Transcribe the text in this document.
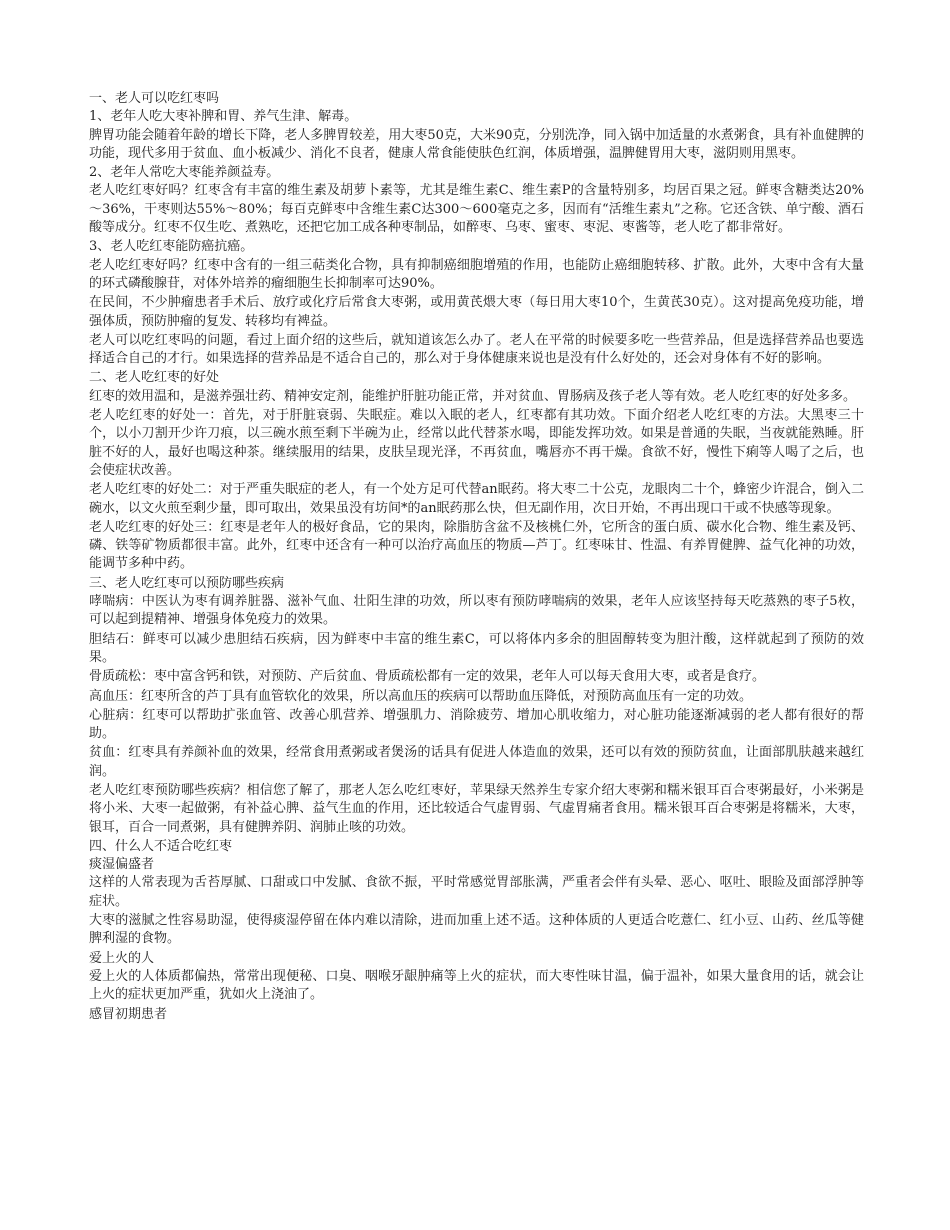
一、老人可以吃红枣吗

1、老年人吃大枣补脾和胃、养气生津、解毒。

脾胃功能会随着年龄的增长下降，老人多脾胃较差，用大枣50克，大米90克，分别洗净，同入锅中加适量的水煮粥食，具有补血健脾的功能，现代多用于贫血、血小板减少、消化不良者，健康人常食能使肤色红润，体质增强，温脾健胃用大枣，滋阴则用黑枣。

2、老年人常吃大枣能养颜益寿。

老人吃红枣好吗？红枣含有丰富的维生素及胡萝卜素等，尤其是维生素C、维生素P的含量特别多，均居百果之冠。鲜枣含糖类达20%～36%，干枣则达55%～80%；每百克鲜枣中含维生素C达300～600毫克之多，因而有“活维生素丸”之称。它还含铁、单宁酸、酒石酸等成分。红枣不仅生吃、煮熟吃，还把它加工成各种枣制品，如醉枣、乌枣、蜜枣、枣泥、枣酱等，老人吃了都非常好。

3、老人吃红枣能防癌抗癌。

老人吃红枣好吗？红枣中含有的一组三萜类化合物，具有抑制癌细胞增殖的作用，也能防止癌细胞转移、扩散。此外，大枣中含有大量的环式磷酸腺苷，对体外培养的瘤细胞生长抑制率可达90%。

在民间，不少肿瘤患者手术后、放疗或化疗后常食大枣粥，或用黄芪煨大枣（每日用大枣10个，生黄芪30克）。这对提高免疫功能，增强体质，预防肿瘤的复发、转移均有裨益。

老人可以吃红枣吗的问题，看过上面介绍的这些后，就知道该怎么办了。老人在平常的时候要多吃一些营养品，但是选择营养品也要选择适合自己的才行。如果选择的营养品是不适合自己的，那么对于身体健康来说也是没有什么好处的，还会对身体有不好的影响。

二、老人吃红枣的好处

红枣的效用温和，是滋养强壮药、精神安定剂，能维护肝脏功能正常，并对贫血、胃肠病及孩子老人等有效。老人吃红枣的好处多多。

老人吃红枣的好处一：首先，对于肝脏衰弱、失眠症。难以入眠的老人，红枣都有其功效。下面介绍老人吃红枣的方法。大黑枣三十个，以小刀割开少许刀痕，以三碗水煎至剩下半碗为止，经常以此代替茶水喝，即能发挥功效。如果是普通的失眠，当夜就能熟睡。肝脏不好的人，最好也喝这种茶。继续服用的结果，皮肤呈现光泽，不再贫血，嘴唇亦不再干燥。食欲不好，慢性下痢等人喝了之后，也会使症状改善。

老人吃红枣的好处二：对于严重失眠症的老人，有一个处方足可代替an眠药。将大枣二十公克，龙眼肉二十个，蜂密少许混合，倒入二碗水，以文火煎至剩少量，即可取出，效果虽没有坊间*的an眠药那么快，但无副作用，次日开始，不再出现口干或不快感等现象。

老人吃红枣的好处三：红枣是老年人的极好食品，它的果肉，除脂肪含盆不及核桃仁外，它所含的蛋白质、碳水化合物、维生素及钙、磷、铁等矿物质都很丰富。此外，红枣中还含有一种可以治疗高血压的物质—芦丁。红枣味甘、性温、有养胃健脾、益气化神的功效，能调节多种中药。

三、老人吃红枣可以预防哪些疾病

哮喘病：中医认为枣有调养脏器、滋补气血、壮阳生津的功效，所以枣有预防哮喘病的效果，老年人应该坚持每天吃蒸熟的枣子5枚，可以起到提精神、增强身体免疫力的效果。

胆结石：鲜枣可以减少患胆结石疾病，因为鲜枣中丰富的维生素C，可以将体内多余的胆固醇转变为胆汁酸，这样就起到了预防的效果。

骨质疏松：枣中富含钙和铁，对预防、产后贫血、骨质疏松都有一定的效果，老年人可以每天食用大枣，或者是食疗。

高血压：红枣所含的芦丁具有血管软化的效果，所以高血压的疾病可以帮助血压降低，对预防高血压有一定的功效。

心脏病：红枣可以帮助扩张血管、改善心肌营养、增强肌力、消除疲劳、增加心肌收缩力，对心脏功能逐渐减弱的老人都有很好的帮助。

贫血：红枣具有养颜补血的效果，经常食用煮粥或者煲汤的话具有促进人体造血的效果，还可以有效的预防贫血，让面部肌肤越来越红润。

老人吃红枣预防哪些疾病？相信您了解了，那老人怎么吃红枣好，苹果绿天然养生专家介绍大枣粥和糯米银耳百合枣粥最好，小米粥是将小米、大枣一起做粥，有补益心脾、益气生血的作用，还比较适合气虚胃弱、气虚胃痛者食用。糯米银耳百合枣粥是将糯米，大枣，银耳，百合一同煮粥，具有健脾养阴、润肺止咳的功效。

四、什么人不适合吃红枣

痰湿偏盛者

这样的人常表现为舌苔厚腻、口甜或口中发腻、食欲不振，平时常感觉胃部胀满，严重者会伴有头晕、恶心、呕吐、眼睑及面部浮肿等症状。

大枣的滋腻之性容易助湿，使得痰湿停留在体内难以清除，进而加重上述不适。这种体质的人更适合吃薏仁、红小豆、山药、丝瓜等健脾利湿的食物。

爱上火的人

爱上火的人体质都偏热，常常出现便秘、口臭、咽喉牙龈肿痛等上火的症状，而大枣性味甘温，偏于温补，如果大量食用的话，就会让上火的症状更加严重，犹如火上浇油了。

感冒初期患者
